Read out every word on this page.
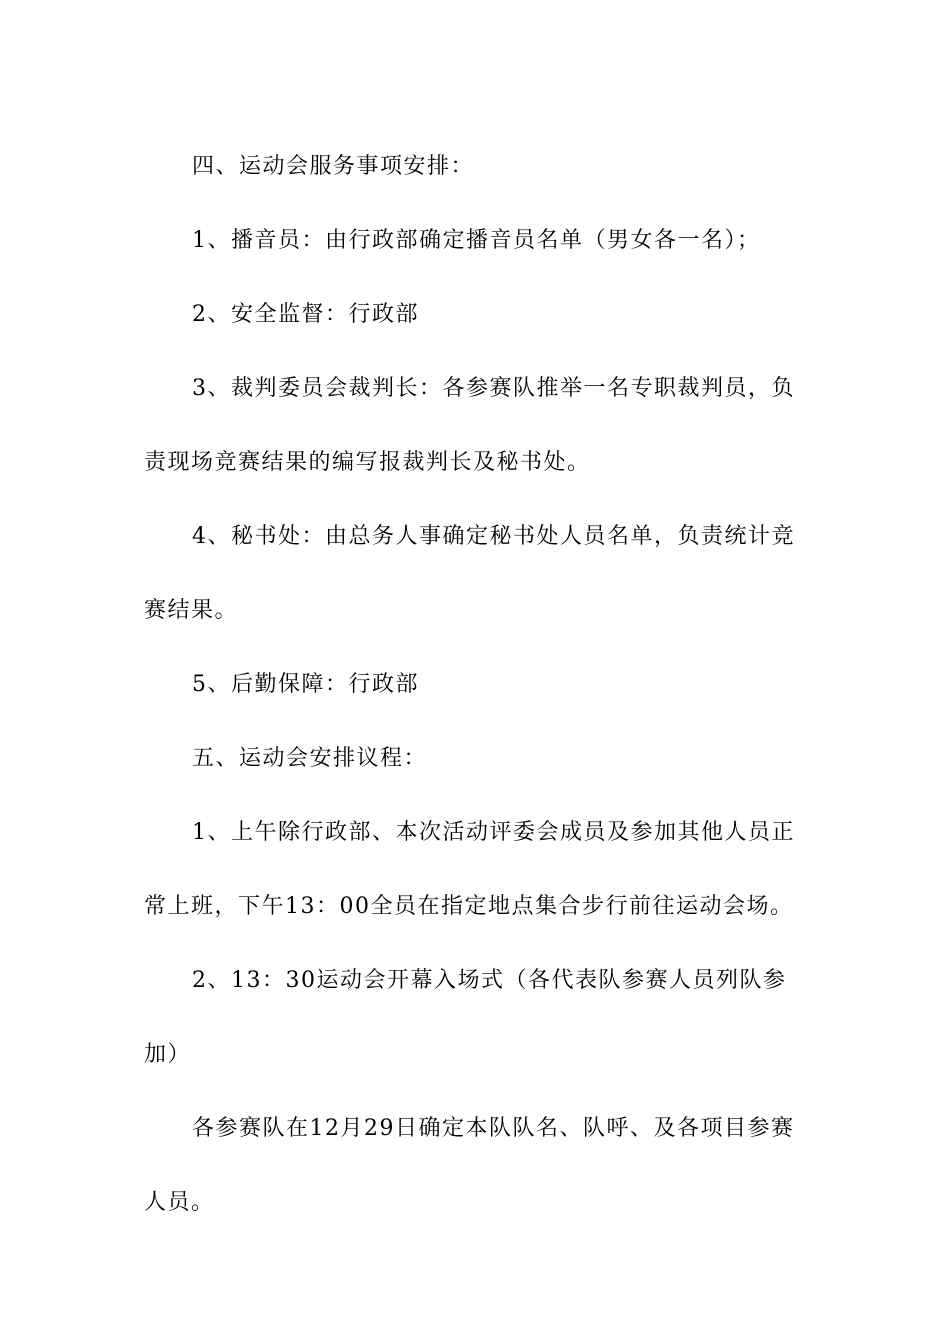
四、运动会服务事项安排：

1、播音员：由行政部确定播音员名单（男女各一名）；

2、安全监督：行政部

3、裁判委员会裁判长：各参赛队推举一名专职裁判员，负责现场竞赛结果的编写报裁判长及秘书处。

4、秘书处：由总务人事确定秘书处人员名单，负责统计竞赛结果。

5、后勤保障：行政部

五、运动会安排议程：

1、上午除行政部、本次活动评委会成员及参加其他人员正常上班，下午13：00全员在指定地点集合步行前往运动会场。

2、13：30运动会开幕入场式（各代表队参赛人员列队参加）

各参赛队在12月29日确定本队队名、队呼、及各项目参赛人员。
